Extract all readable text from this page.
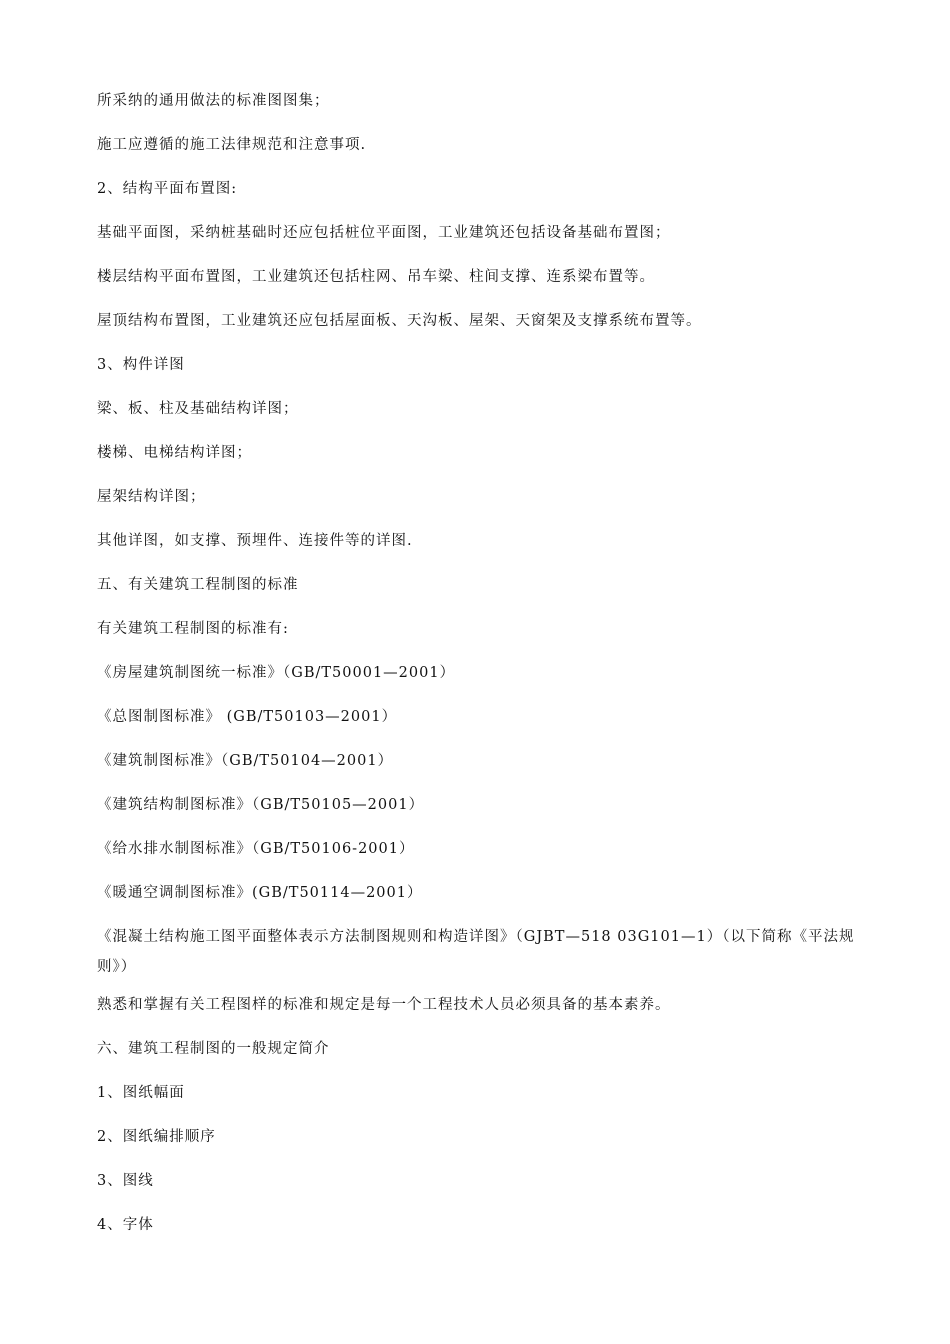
所采纳的通用做法的标准图图集；
施工应遵循的施工法律规范和注意事项.
2、结构平面布置图:
基础平面图，采纳桩基础时还应包括桩位平面图，工业建筑还包括设备基础布置图；
楼层结构平面布置图，工业建筑还包括柱网、吊车梁、柱间支撑、连系梁布置等。
屋顶结构布置图，工业建筑还应包括屋面板、天沟板、屋架、天窗架及支撑系统布置等。
3、构件详图
梁、板、柱及基础结构详图；
楼梯、电梯结构详图；
屋架结构详图；
其他详图，如支撑、预埋件、连接件等的详图.
五、有关建筑工程制图的标准
有关建筑工程制图的标准有:
《房屋建筑制图统一标准》（GB/T50001—2001）
《总图制图标准》 (GB/T50103—2001）
《建筑制图标准》（GB/T50104—2001）
《建筑结构制图标准》（GB/T50105—2001）
《给水排水制图标准》（GB/T50106-2001）
《暖通空调制图标准》(GB/T50114—2001）
《混凝土结构施工图平面整体表示方法制图规则和构造详图》（GJBT—518 03G101—1）（以下简称《平法规则》）
熟悉和掌握有关工程图样的标准和规定是每一个工程技术人员必须具备的基本素养。
六、建筑工程制图的一般规定简介
1、图纸幅面
2、图纸编排顺序
3、图线
4、字体
